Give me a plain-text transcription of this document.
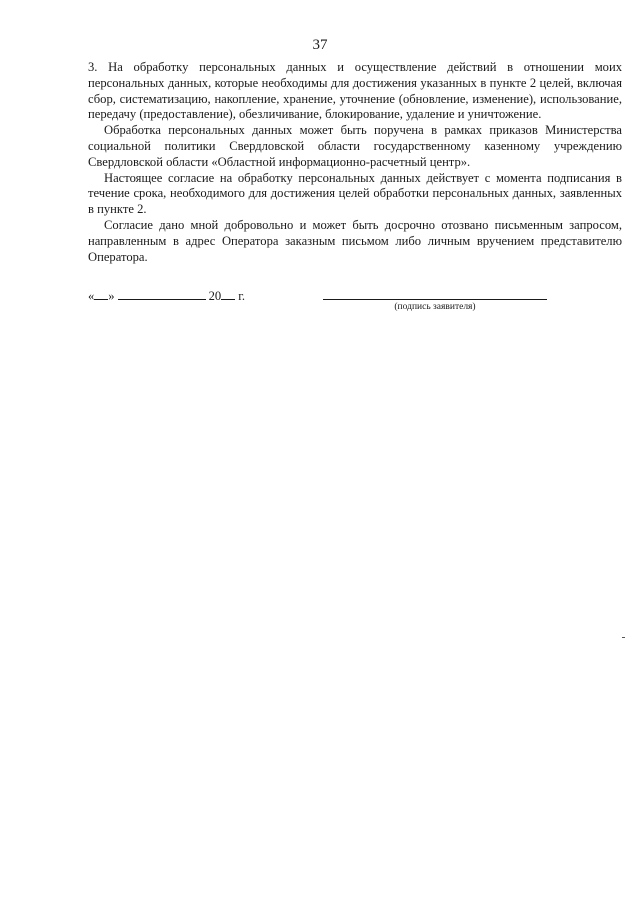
37

3. На обработку персональных данных и осуществление действий в отношении моих персональных данных, которые необходимы для достижения указанных в пункте 2 целей, включая сбор, систематизацию, накопление, хранение, уточнение (обновление, изменение), использование, передачу (предоставление), обезличивание, блокирование, удаление и уничтожение.

Обработка персональных данных может быть поручена в рамках приказов Министерства социальной политики Свердловской области государственному казенному учреждению Свердловской области «Областной информационно-расчетный центр».

Настоящее согласие на обработку персональных данных действует с момента подписания в течение срока, необходимого для достижения целей обработки персональных данных, заявленных в пункте 2.

Согласие дано мной добровольно и может быть досрочно отозвано письменным запросом, направленным в адрес Оператора заказным письмом либо личным вручением представителю Оператора.

« »	20 г.
(подпись заявителя)
